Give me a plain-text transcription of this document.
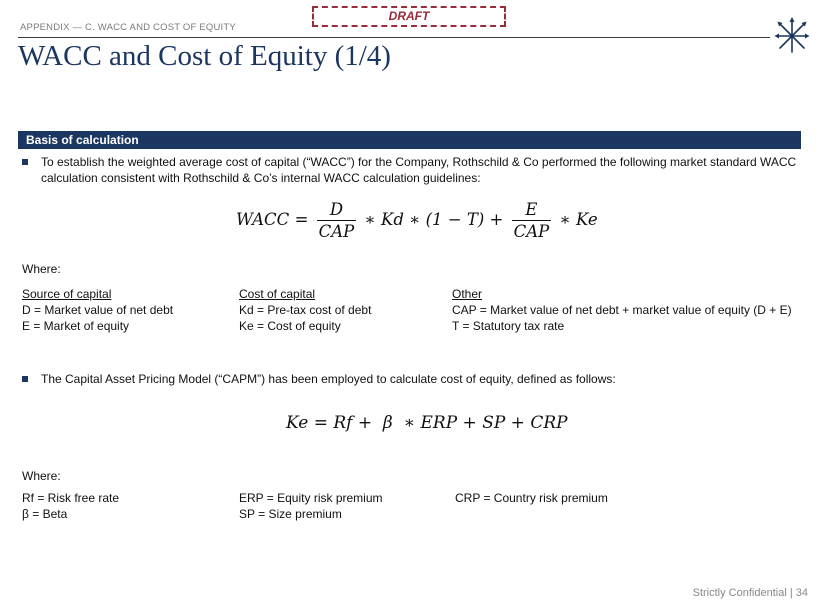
APPENDIX — C. WACC AND COST OF EQUITY
DRAFT
WACC and Cost of Equity (1/4)
Basis of calculation
To establish the weighted average cost of capital (“WACC”) for the Company, Rothschild & Co performed the following market standard WACC
calculation consistent with Rothschild & Co’s internal WACC calculation guidelines:
WACC = $\frac{D}{\text{CAP}}$ ∗ Kd ∗ $(1 - T) + \frac{E}{\text{CAP}}$ ∗ Ke
Where:
Source of capital
D = Market value of net debt
E = Market of equity
Cost of capital
Kd = Pre-tax cost of debt
Ke = Cost of equity
Other
CAP = Market value of net debt + market value of equity (D + E)
T = Statutory tax rate
The Capital Asset Pricing Model (“CAPM”) has been employed to calculate cost of equity, defined as follows:
Ke = Rf +  β  ∗ ERP + SP + CRP
Where:
Rf = Risk free rate
β = Beta
ERP = Equity risk premium
SP = Size premium
CRP = Country risk premium
Strictly Confidential | 34
